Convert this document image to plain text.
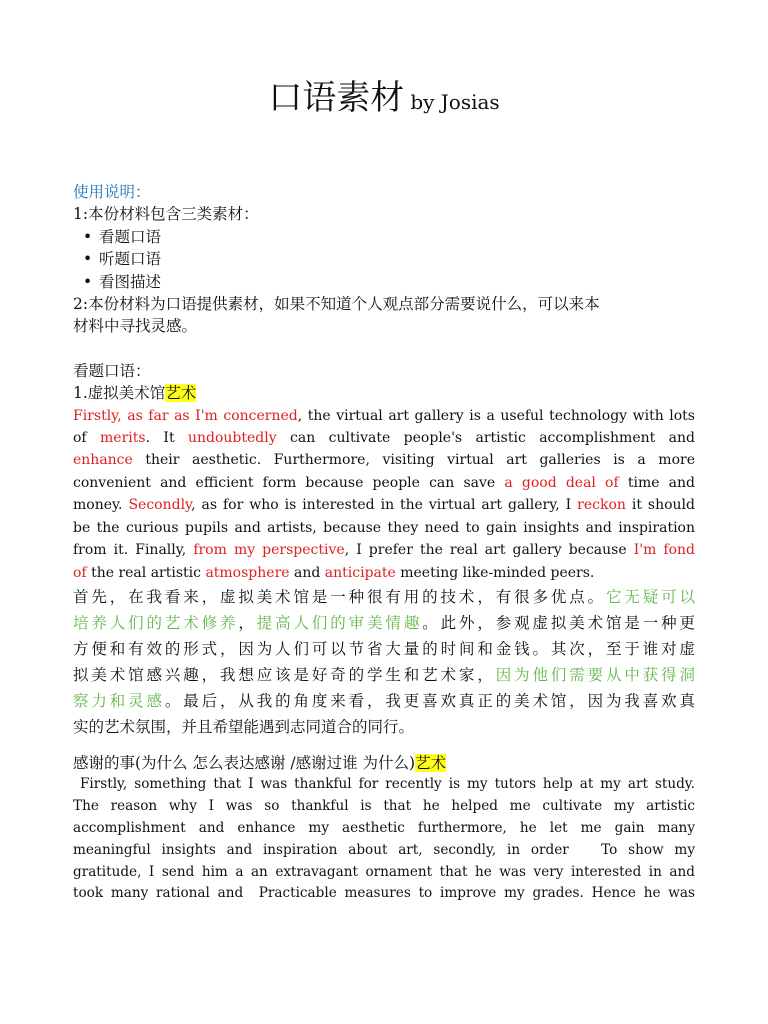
口语素材 by Josias
使用说明：
1:本份材料包含三类素材：
• 看题口语
• 听题口语
• 看图描述
2:本份材料为口语提供素材，如果不知道个人观点部分需要说什么，可以来本
材料中寻找灵感。
看题口语：
1.虚拟美术馆艺术
Firstly, as far as I'm concerned, the virtual art gallery is a useful technology with lots
of merits. It undoubtedly can cultivate people's artistic accomplishment and
enhance their aesthetic. Furthermore, visiting virtual art galleries is a more
convenient and efficient form because people can save a good deal of time and
money. Secondly, as for who is interested in the virtual art gallery, I reckon it should
be the curious pupils and artists, because they need to gain insights and inspiration
from it. Finally, from my perspective, I prefer the real art gallery because I'm fond
of the real artistic atmosphere and anticipate meeting like-minded peers.
首先，在我看来，虚拟美术馆是一种很有用的技术，有很多优点。它无疑可以
培养人们的艺术修养，提高人们的审美情趣。此外，参观虚拟美术馆是一种更
方便和有效的形式，因为人们可以节省大量的时间和金钱。其次，至于谁对虚
拟美术馆感兴趣，我想应该是好奇的学生和艺术家，因为他们需要从中获得洞
察力和灵感。最后，从我的角度来看，我更喜欢真正的美术馆，因为我喜欢真
实的艺术氛围，并且希望能遇到志同道合的同行。
感谢的事(为什么 怎么表达感谢 /感谢过谁 为什么)艺术
Firstly, something that I was thankful for recently is my tutors help at my art study.
The reason why I was so thankful is that he helped me cultivate my artistic
accomplishment and enhance my aesthetic furthermore, he let me gain many
meaningful insights and inspiration about art, secondly, in order   To show my
gratitude, I send him a an extravagant ornament that he was very interested in and
took many rational and  Practicable measures to improve my grades. Hence he was
